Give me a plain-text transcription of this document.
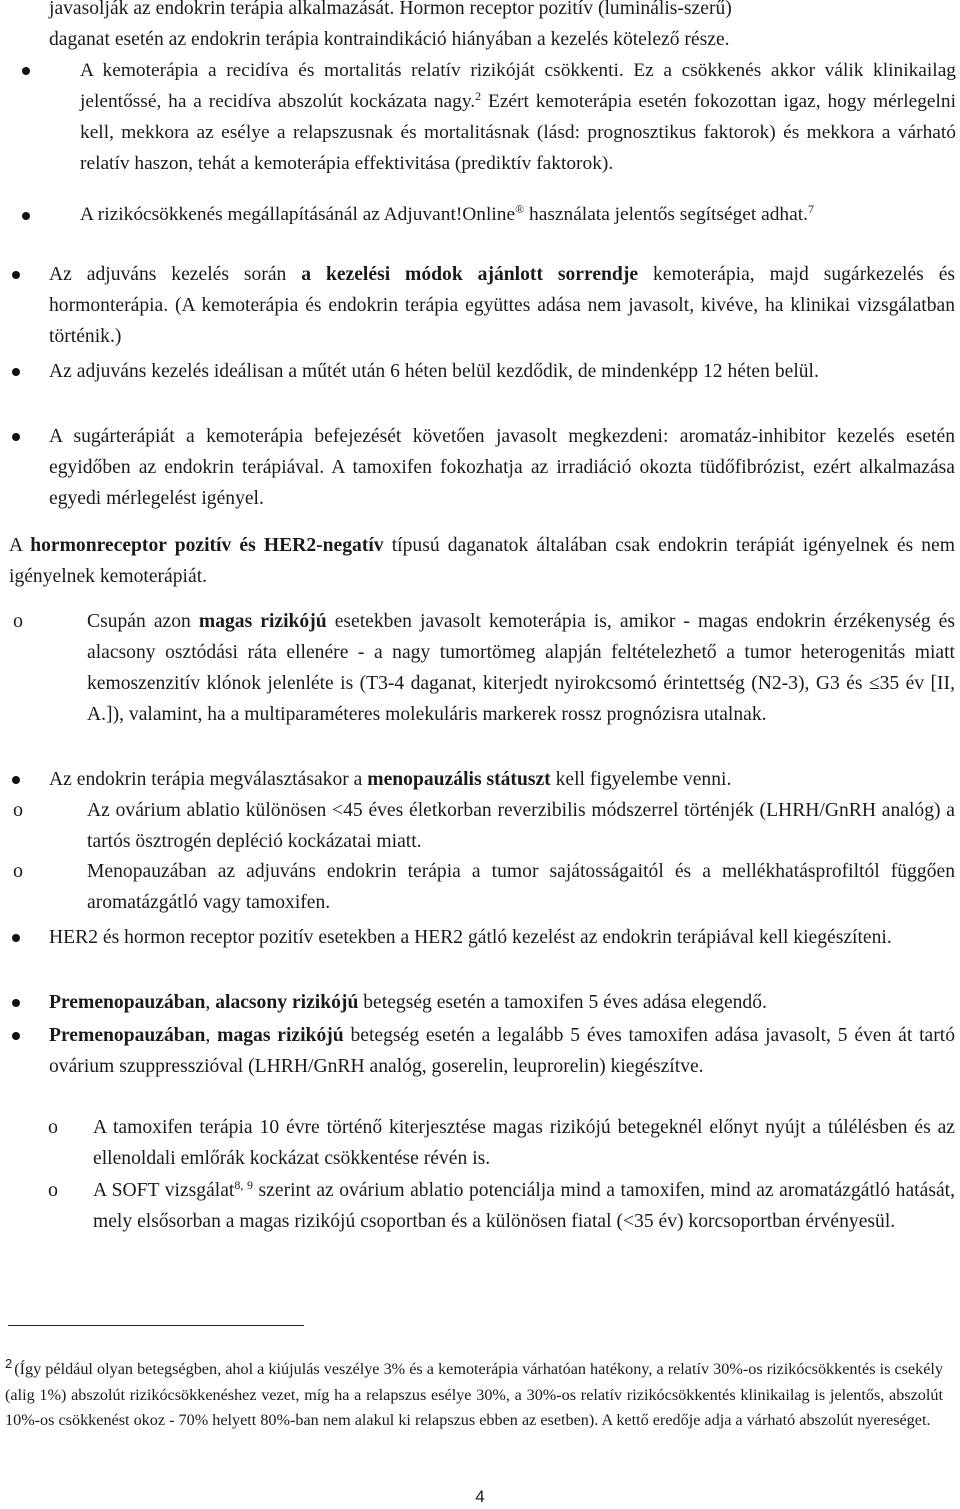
javasolják az endokrin terápia alkalmazását. Hormon receptor pozitív (luminális-szerű)
daganat esetén az endokrin terápia kontraindikáció hiányában a kezelés kötelező része.
A kemoterápia a recidíva és mortalitás relatív rizikóját csökkenti. Ez a csökkenés akkor válik klinikailag jelentőssé, ha a recidíva abszolút kockázata nagy.$^2$ Ezért kemoterápia esetén fokozottan igaz, hogy mérlegelni kell, mekkora az esélye a relapszusnak és mortalitásnak (lásd: prognosztikus faktorok) és mekkora a várható relatív haszon, tehát a kemoterápia effektivitása (prediktív faktorok).
A rizikócsökkenés megállapításánál az Adjuvant!Online® használata jelentős segítséget adhat.$^7$
Az adjuváns kezelés során a kezelési módok ajánlott sorrendje kemoterápia, majd sugárkezelés és hormonterápia. (A kemoterápia és endokrin terápia együttes adása nem javasolt, kivéve, ha klinikai vizsgálatban történik.)
Az adjuváns kezelés ideálisan a műtét után 6 héten belül kezdődik, de mindenképp 12 héten belül.
A sugárterápiát a kemoterápia befejezését követően javasolt megkezdeni: aromatáz-inhibitor kezelés esetén egyidőben az endokrin terápiával. A tamoxifen fokozhatja az irradiáció okozta tüdőfibrózist, ezért alkalmazása egyedi mérlegelést igényel.
A hormonreceptor pozitív és HER2-negatív típusú daganatok általában csak endokrin terápiát igényelnek és nem igényelnek kemoterápiát.
o	Csupán azon magas rizikójú esetekben javasolt kemoterápia is, amikor - magas endokrin érzékenység és alacsony osztódási ráta ellenére - a nagy tumortömeg alapján feltételezhető a tumor heterogenitás miatt kemoszenzitív klónok jelenléte is (T3-4 daganat, kiterjedt nyirokcsomó érintettség (N2-3), G3 és ≤35 év [II, A.]), valamint, ha a multiparaméteres molekuláris markerek rossz prognózisra utalnak.
Az endokrin terápia megválasztásakor a menopauzális státuszt kell figyelembe venni.
o	Az ovárium ablatio különösen <45 éves életkorban reverzibilis módszerrel történjék (LHRH/GnRH analóg) a tartós ösztrogén depléció kockázatai miatt.
o	Menopauzában az adjuváns endokrin terápia a tumor sajátosságaitól és a mellékhatásprofiltól függően aromatázgátló vagy tamoxifen.
HER2 és hormon receptor pozitív esetekben a HER2 gátló kezelést az endokrin terápiával kell kiegészíteni.
Premenopauzában, alacsony rizikójú betegség esetén a tamoxifen 5 éves adása elegendő.
Premenopauzában, magas rizikójú betegség esetén a legalább 5 éves tamoxifen adása javasolt, 5 éven át tartó ovárium szuppresszióval (LHRH/GnRH analóg, goserelin, leuprorelin) kiegészítve.
o A tamoxifen terápia 10 évre történő kiterjesztése magas rizikójú betegeknél előnyt nyújt a túlélésben és az ellenoldali emlőrák kockázat csökkentése révén is.
o A SOFT vizsgálat$^{8, 9}$ szerint az ovárium ablatio potenciálja mind a tamoxifen, mind az aromatázgátló hatását, mely elsősorban a magas rizikójú csoportban és a különösen fiatal (<35 év) korcsoportban érvényesül.
$^2$ (Így például olyan betegségben, ahol a kiújulás veszélye 3% és a kemoterápia várhatóan hatékony, a relatív 30%-os rizikócsökkentés is csekély (alig 1%) abszolút rizikócsökkenéshez vezet, míg ha a relapszus esélye 30%, a 30%-os relatív rizikócsökkentés klinikailag is jelentős, abszolút 10%-os csökkenést okoz - 70% helyett 80%-ban nem alakul ki relapszus ebben az esetben). A kettő eredője adja a várható abszolút nyereséget.
4
